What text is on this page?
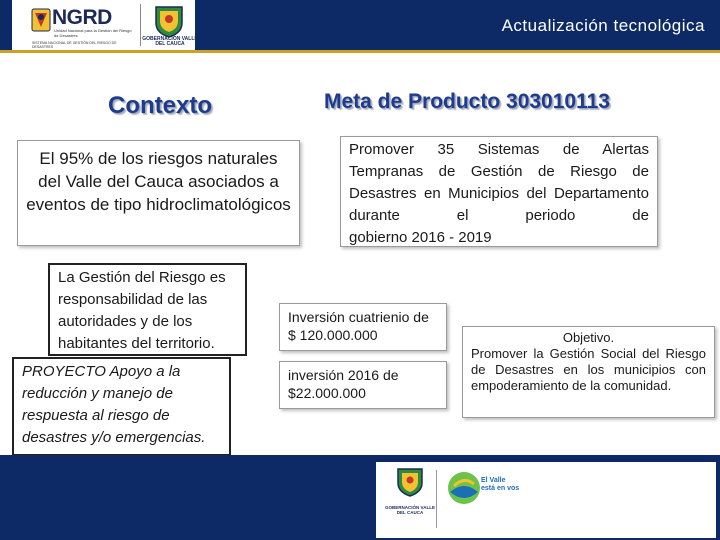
Actualización tecnológica
NGRD
Unidad Nacional para la Gestión del Riesgo de Desastres
SISTEMA NACIONAL DE GESTIÓN DEL RIESGO DE DESASTRES
GOBERNACIÓN VALLE DEL CAUCA
Contexto	Meta de Producto 303010113
El 95% de los riesgos naturales del Valle del Cauca asociados a eventos de tipo hidroclimatológicos
Promover 35 Sistemas de Alertas Tempranas de Gestión de Riesgo de Desastres en Municipios del Departamento durante el periodo de
gobierno 2016 - 2019
La Gestión del Riesgo es responsabilidad de las autoridades y de los habitantes del territorio.
PROYECTO Apoyo a la reducción y manejo de respuesta al riesgo de desastres y/o emergencias.
Inversión cuatrienio de $ 120.000.000
inversión 2016 de $22.000.000
Objetivo.
Promover la Gestión Social del Riesgo de Desastres en los municipios con empoderamiento de la comunidad.
GOBERNACIÓN VALLE DEL CAUCA
El Valle está en vos
